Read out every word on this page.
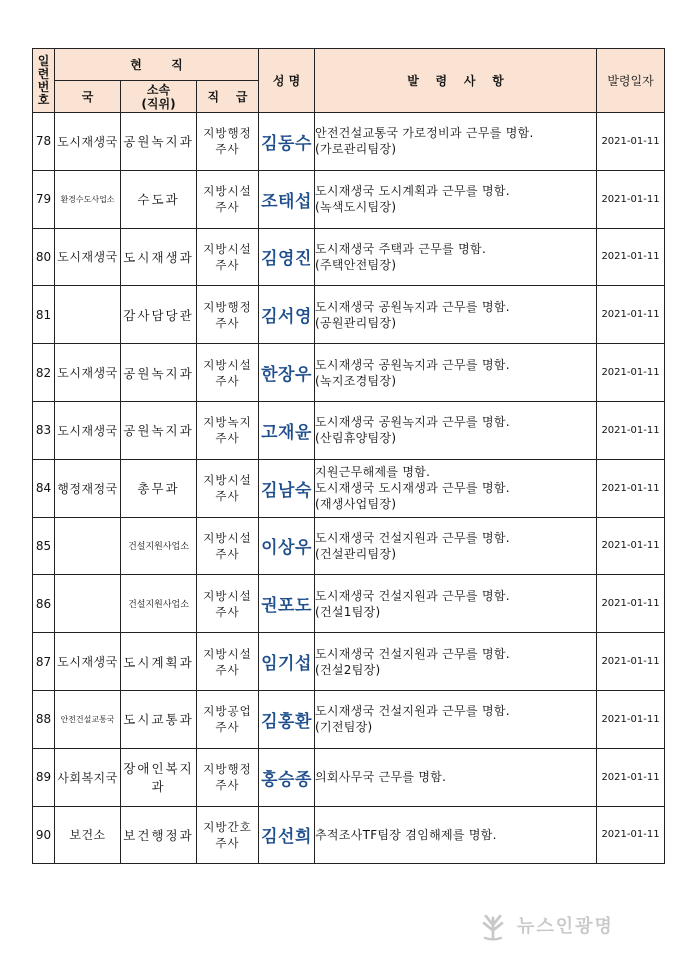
일
련
번
호	현       직			성 명	발    령    사    항	발령일자
	국	소속
(직위)	직    급			
78	도시재생국	공원녹지과	지방행정
주사	김동수	안전건설교통국 가로정비과 근무를 명함.
(가로관리팀장)	2021-01-11
79	환경수도사업소	수도과	지방시설
주사	조태섭	도시재생국 도시계획과 근무를 명함.
(녹색도시팀장)	2021-01-11
80	도시재생국	도시재생과	지방시설
주사	김영진	도시재생국 주택과 근무를 명함.
(주택안전팀장)	2021-01-11
81		감사담당관	지방행정
주사	김서영	도시재생국 공원녹지과 근무를 명함.
(공원관리팀장)	2021-01-11
82	도시재생국	공원녹지과	지방시설
주사	한장우	도시재생국 공원녹지과 근무를 명함.
(녹지조경팀장)	2021-01-11
83	도시재생국	공원녹지과	지방녹지
주사	고재윤	도시재생국 공원녹지과 근무를 명함.
(산림휴양팀장)	2021-01-11
84	행정재정국	총무과	지방시설
주사	김남숙	지원근무해제를 명함.
도시재생국 도시재생과 근무를 명함.
(재생사업팀장)	2021-01-11
85		건설지원사업소	지방시설
주사	이상우	도시재생국 건설지원과 근무를 명함.
(건설관리팀장)	2021-01-11
86		건설지원사업소	지방시설
주사	권포도	도시재생국 건설지원과 근무를 명함.
(건설1팀장)	2021-01-11
87	도시재생국	도시계획과	지방시설
주사	임기섭	도시재생국 건설지원과 근무를 명함.
(건설2팀장)	2021-01-11
88	안전건설교통국	도시교통과	지방공업
주사	김홍환	도시재생국 건설지원과 근무를 명함.
(기전팀장)	2021-01-11
89	사회복지국	장애인복지과	지방행정
주사	홍승종	의회사무국 근무를 명함.	2021-01-11
90	보건소	보건행정과	지방간호
주사	김선희	추적조사TF팀장 겸임해제를 명함.	2021-01-11
뉴스인광명
